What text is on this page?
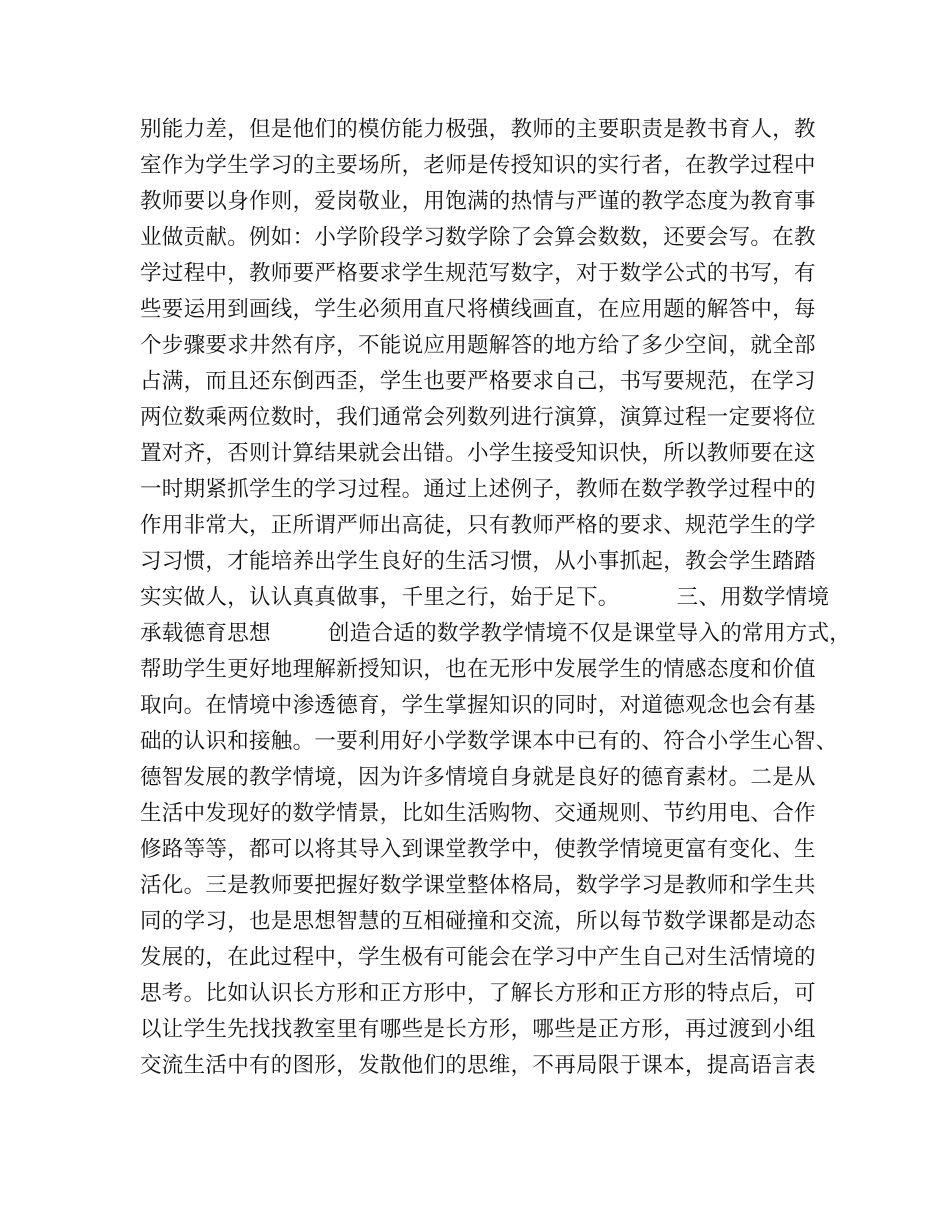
别能力差，但是他们的模仿能力极强，教师的主要职责是教书育人，教
室作为学生学习的主要场所，老师是传授知识的实行者，在教学过程中
教师要以身作则，爱岗敬业，用饱满的热情与严谨的教学态度为教育事
业做贡献。例如：小学阶段学习数学除了会算会数数，还要会写。在教
学过程中，教师要严格要求学生规范写数字，对于数学公式的书写，有
些要运用到画线，学生必须用直尺将横线画直，在应用题的解答中，每
个步骤要求井然有序，不能说应用题解答的地方给了多少空间，就全部
占满，而且还东倒西歪，学生也要严格要求自己，书写要规范，在学习
两位数乘两位数时，我们通常会列数列进行演算，演算过程一定要将位
置对齐，否则计算结果就会出错。小学生接受知识快，所以教师要在这
一时期紧抓学生的学习过程。通过上述例子，教师在数学教学过程中的
作用非常大，正所谓严师出高徒，只有教师严格的要求、规范学生的学
习习惯，才能培养出学生良好的生活习惯，从小事抓起，教会学生踏踏
实实做人，认认真真做事，千里之行，始于足下。        三、用数学情境
承载德育思想        创造合适的数学教学情境不仅是课堂导入的常用方式，
帮助学生更好地理解新授知识，也在无形中发展学生的情感态度和价值
取向。在情境中渗透德育，学生掌握知识的同时，对道德观念也会有基
础的认识和接触。一要利用好小学数学课本中已有的、符合小学生心智、
德智发展的教学情境，因为许多情境自身就是良好的德育素材。二是从
生活中发现好的数学情景，比如生活购物、交通规则、节约用电、合作
修路等等，都可以将其导入到课堂教学中，使教学情境更富有变化、生
活化。三是教师要把握好数学课堂整体格局，数学学习是教师和学生共
同的学习，也是思想智慧的互相碰撞和交流，所以每节数学课都是动态
发展的，在此过程中，学生极有可能会在学习中产生自己对生活情境的
思考。比如认识长方形和正方形中，了解长方形和正方形的特点后，可
以让学生先找找教室里有哪些是长方形，哪些是正方形，再过渡到小组
交流生活中有的图形，发散他们的思维，不再局限于课本，提高语言表
